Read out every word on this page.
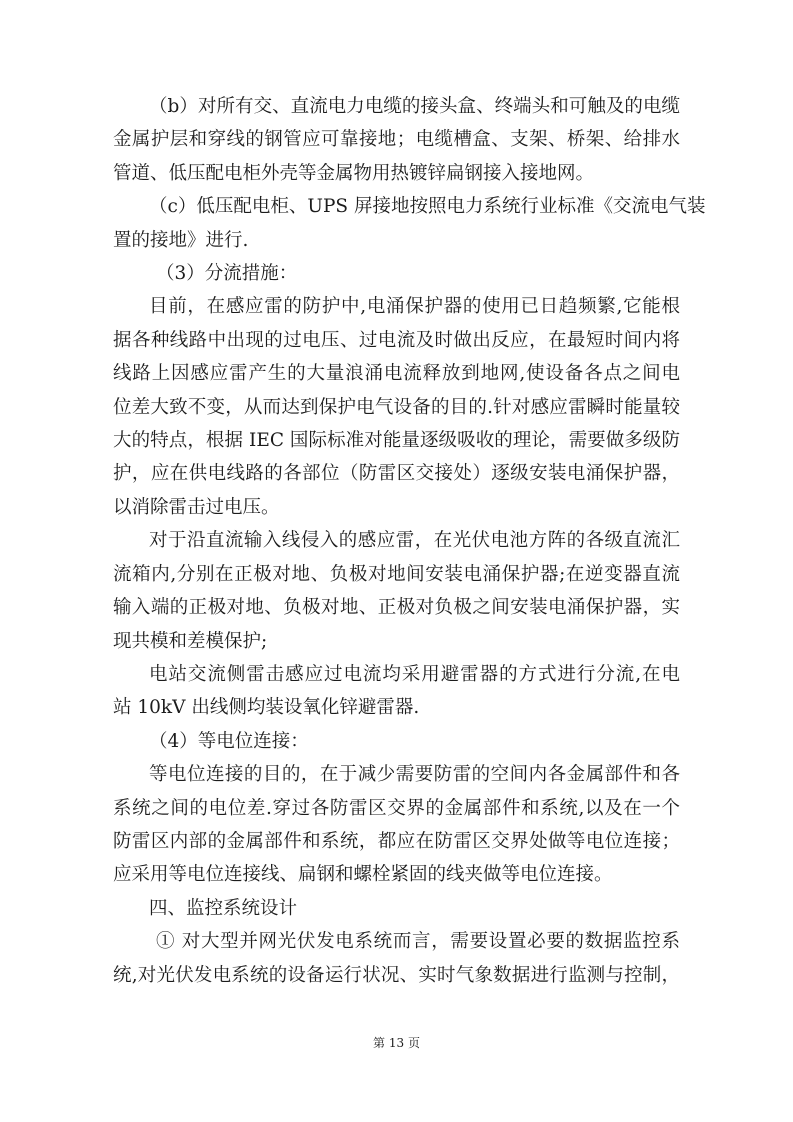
（b）对所有交、直流电力电缆的接头盒、终端头和可触及的电缆
金属护层和穿线的钢管应可靠接地；电缆槽盒、支架、桥架、给排水
管道、低压配电柜外壳等金属物用热镀锌扁钢接入接地网。
（c）低压配电柜、UPS 屏接地按照电力系统行业标准《交流电气装
置的接地》进行.
（3）分流措施：
目前，在感应雷的防护中,电涌保护器的使用已日趋频繁,它能根
据各种线路中出现的过电压、过电流及时做出反应，在最短时间内将
线路上因感应雷产生的大量浪涌电流释放到地网,使设备各点之间电
位差大致不变，从而达到保护电气设备的目的.针对感应雷瞬时能量较
大的特点，根据 IEC 国际标准对能量逐级吸收的理论，需要做多级防
护，应在供电线路的各部位（防雷区交接处）逐级安装电涌保护器，
以消除雷击过电压。
对于沿直流输入线侵入的感应雷，在光伏电池方阵的各级直流汇
流箱内,分别在正极对地、负极对地间安装电涌保护器;在逆变器直流
输入端的正极对地、负极对地、正极对负极之间安装电涌保护器，实
现共模和差模保护;
电站交流侧雷击感应过电流均采用避雷器的方式进行分流,在电
站 10kV 出线侧均装设氧化锌避雷器.
（4）等电位连接：
等电位连接的目的，在于减少需要防雷的空间内各金属部件和各
系统之间的电位差.穿过各防雷区交界的金属部件和系统,以及在一个
防雷区内部的金属部件和系统，都应在防雷区交界处做等电位连接；
应采用等电位连接线、扁钢和螺栓紧固的线夹做等电位连接。
四、监控系统设计
① 对大型并网光伏发电系统而言，需要设置必要的数据监控系
统,对光伏发电系统的设备运行状况、实时气象数据进行监测与控制，
第 13 页
